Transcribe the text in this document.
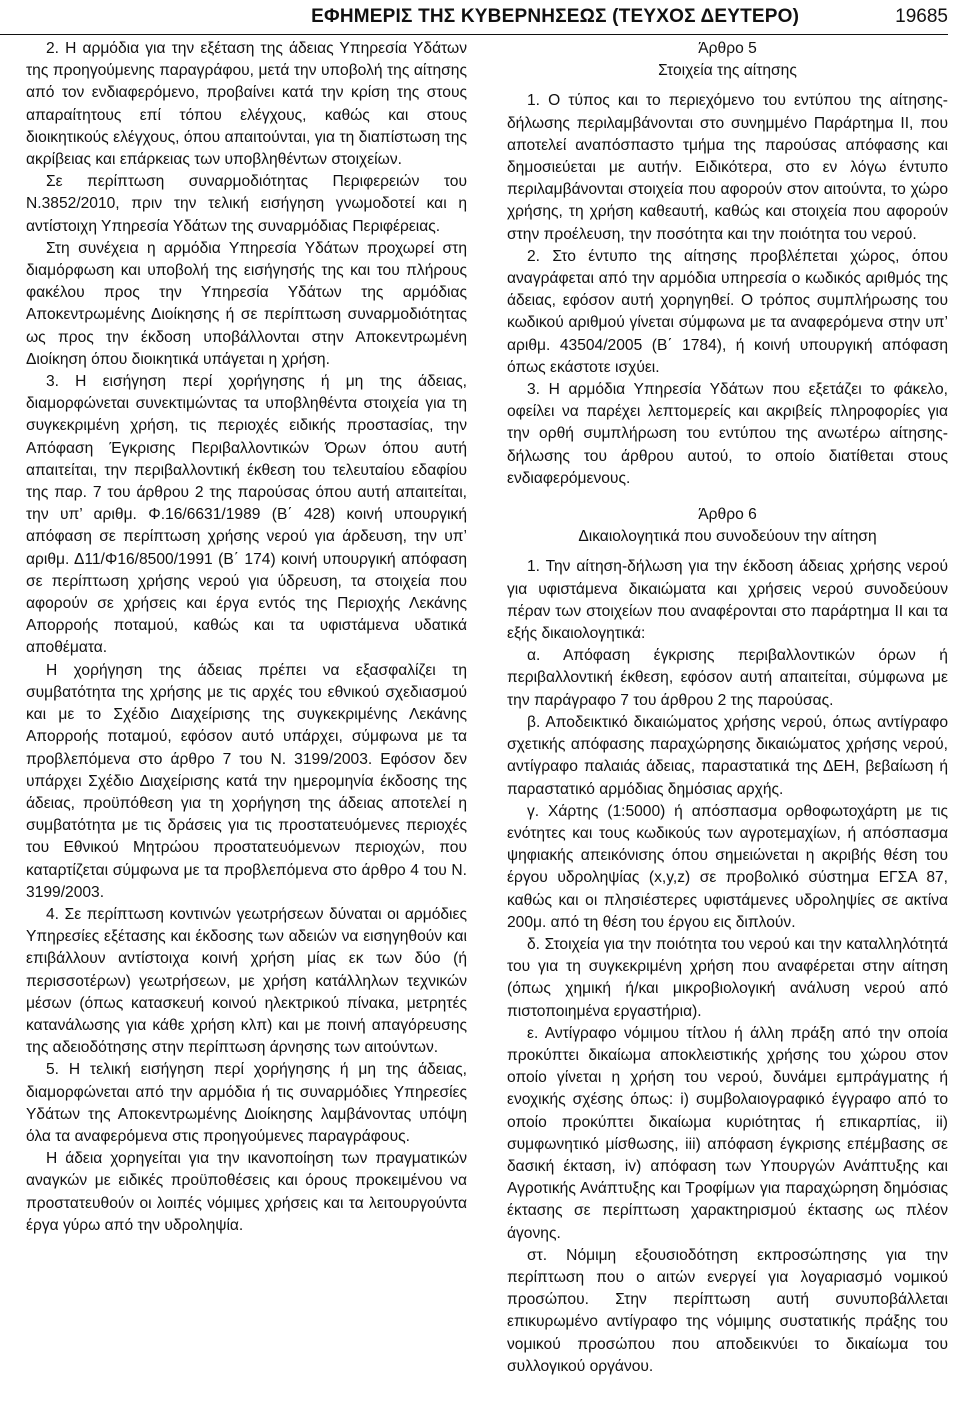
ΕΦΗΜΕΡΙΣ ΤΗΣ ΚΥΒΕΡΝΗΣΕΩΣ (ΤΕΥΧΟΣ ΔΕΥΤΕΡΟ)	19685

2. Η αρμόδια για την εξέταση της άδειας Υπηρεσία Υδάτων της προηγούμενης παραγράφου, μετά την υποβολή της αίτησης από τον ενδιαφερόμενο, προβαίνει κατά την κρίση της στους απαραίτητους επί τόπου ελέγχους, καθώς και στους διοικητικούς ελέγχους, όπου απαιτούνται, για τη διαπίστωση της ακρίβειας και επάρκειας των υποβληθέντων στοιχείων.

Σε περίπτωση συναρμοδιότητας Περιφερειών του Ν.3852/2010, πριν την τελική εισήγηση γνωμοδοτεί και η αντίστοιχη Υπηρεσία Υδάτων της συναρμόδιας Περιφέρειας.

Στη συνέχεια η αρμόδια Υπηρεσία Υδάτων προχωρεί στη διαμόρφωση και υποβολή της εισήγησής της και του πλήρους φακέλου προς την Υπηρεσία Υδάτων της αρμόδιας Αποκεντρωμένης Διοίκησης ή σε περίπτωση συναρμοδιότητας ως προς την έκδοση υποβάλλονται στην Αποκεντρωμένη Διοίκηση όπου διοικητικά υπάγεται η χρήση.

3. Η εισήγηση περί χορήγησης ή μη της άδειας, διαμορφώνεται συνεκτιμώντας τα υποβληθέντα στοιχεία για τη συγκεκριμένη χρήση, τις περιοχές ειδικής προστασίας, την Απόφαση Έγκρισης Περιβαλλοντικών Όρων όπου αυτή απαιτείται, την περιβαλλοντική έκθεση του τελευταίου εδαφίου της παρ. 7 του άρθρου 2 της παρούσας όπου αυτή απαιτείται, την υπ’ αριθμ. Φ.16/6631/1989 (Β΄ 428) κοινή υπουργική απόφαση σε περίπτωση χρήσης νερού για άρδευση, την υπ’ αριθμ. Δ11/Φ16/8500/1991 (Β΄ 174) κοινή υπουργική απόφαση σε περίπτωση χρήσης νερού για ύδρευση, τα στοιχεία που αφορούν σε χρήσεις και έργα εντός της Περιοχής Λεκάνης Απορροής ποταμού, καθώς και τα υφιστάμενα υδατικά αποθέματα.

Η χορήγηση της άδειας πρέπει να εξασφαλίζει τη συμβατότητα της χρήσης με τις αρχές του εθνικού σχεδιασμού και με το Σχέδιο Διαχείρισης της συγκεκριμένης Λεκάνης Απορροής ποταμού, εφόσον αυτό υπάρχει, σύμφωνα με τα προβλεπόμενα στο άρθρο 7 του Ν. 3199/2003. Εφόσον δεν υπάρχει Σχέδιο Διαχείρισης κατά την ημερομηνία έκδοσης της άδειας, προϋπόθεση για τη χορήγηση της άδειας αποτελεί η συμβατότητα με τις δράσεις για τις προστατευόμενες περιοχές του Εθνικού Μητρώου προστατευόμενων περιοχών, που καταρτίζεται σύμφωνα με τα προβλεπόμενα στο άρθρο 4 του Ν. 3199/2003.

4. Σε περίπτωση κοντινών γεωτρήσεων δύναται οι αρμόδιες Υπηρεσίες εξέτασης και έκδοσης των αδειών να εισηγηθούν και επιβάλλουν αντίστοιχα κοινή χρήση μίας εκ των δύο (ή περισσοτέρων) γεωτρήσεων, με χρήση κατάλληλων τεχνικών μέσων (όπως κατασκευή κοινού ηλεκτρικού πίνακα, μετρητές κατανάλωσης για κάθε χρήση κλπ) και με ποινή απαγόρευσης της αδειοδότησης στην περίπτωση άρνησης των αιτούντων.

5. Η τελική εισήγηση περί χορήγησης ή μη της άδειας, διαμορφώνεται από την αρμόδια ή τις συναρμόδιες Υπηρεσίες Υδάτων της Αποκεντρωμένης Διοίκησης λαμβάνοντας υπόψη όλα τα αναφερόμενα στις προηγούμενες παραγράφους.

Η άδεια χορηγείται για την ικανοποίηση των πραγματικών αναγκών με ειδικές προϋποθέσεις και όρους προκειμένου να προστατευθούν οι λοιπές νόμιμες χρήσεις και τα λειτουργούντα έργα γύρω από την υδροληψία.

Άρθρο 5
Στοιχεία της αίτησης

1. Ο τύπος και το περιεχόμενο του εντύπου της αίτησης-δήλωσης περιλαμβάνονται στο συνημμένο Παράρτημα ΙΙ, που αποτελεί αναπόσπαστο τμήμα της παρούσας απόφασης και δημοσιεύεται με αυτήν. Ειδικότερα, στο εν λόγω έντυπο περιλαμβάνονται στοιχεία που αφορούν στον αιτούντα, το χώρο χρήσης, τη χρήση καθεαυτή, καθώς και στοιχεία που αφορούν στην προέλευση, την ποσότητα και την ποιότητα του νερού.

2. Στο έντυπο της αίτησης προβλέπεται χώρος, όπου αναγράφεται από την αρμόδια υπηρεσία ο κωδικός αριθμός της άδειας, εφόσον αυτή χορηγηθεί. Ο τρόπος συμπλήρωσης του κωδικού αριθμού γίνεται σύμφωνα με τα αναφερόμενα στην υπ’ αριθμ. 43504/2005 (Β΄ 1784), ή κοινή υπουργική απόφαση όπως εκάστοτε ισχύει.

3. Η αρμόδια Υπηρεσία Υδάτων που εξετάζει το φάκελο, οφείλει να παρέχει λεπτομερείς και ακριβείς πληροφορίες για την ορθή συμπλήρωση του εντύπου της ανωτέρω αίτησης-δήλωσης του άρθρου αυτού, το οποίο διατίθεται στους ενδιαφερόμενους.

Άρθρο 6
Δικαιολογητικά που συνοδεύουν την αίτηση

1. Την αίτηση-δήλωση για την έκδοση άδειας χρήσης νερού για υφιστάμενα δικαιώματα και χρήσεις νερού συνοδεύουν πέραν των στοιχείων που αναφέρονται στο παράρτημα ΙΙ και τα εξής δικαιολογητικά:

α. Απόφαση έγκρισης περιβαλλοντικών όρων ή περιβαλλοντική έκθεση, εφόσον αυτή απαιτείται, σύμφωνα με την παράγραφο 7 του άρθρου 2 της παρούσας.

β. Αποδεικτικό δικαιώματος χρήσης νερού, όπως αντίγραφο σχετικής απόφασης παραχώρησης δικαιώματος χρήσης νερού, αντίγραφο παλαιάς άδειας, παραστατικά της ΔΕΗ, βεβαίωση ή παραστατικό αρμόδιας δημόσιας αρχής.

γ. Χάρτης (1:5000) ή απόσπασμα ορθοφωτοχάρτη με τις ενότητες και τους κωδικούς των αγροτεμαχίων, ή απόσπασμα ψηφιακής απεικόνισης όπου σημειώνεται η ακριβής θέση του έργου υδροληψίας (x,y,z) σε προβολικό σύστημα ΕΓΣΑ 87, καθώς και οι πλησιέστερες υφιστάμενες υδροληψίες σε ακτίνα 200μ. από τη θέση του έργου εις διπλούν.

δ. Στοιχεία για την ποιότητα του νερού και την καταλληλότητά του για τη συγκεκριμένη χρήση που αναφέρεται στην αίτηση (όπως χημική ή/και μικροβιολογική ανάλυση νερού από πιστοποιημένα εργαστήρια).

ε. Αντίγραφο νόμιμου τίτλου ή άλλη πράξη από την οποία προκύπτει δικαίωμα αποκλειστικής χρήσης του χώρου στον οποίο γίνεται η χρήση του νερού, δυνάμει εμπράγματης ή ενοχικής σχέσης όπως: i) συμβολαιογραφικό έγγραφο από το οποίο προκύπτει δικαίωμα κυριότητας ή επικαρπίας, ii) συμφωνητικό μίσθωσης, iii) απόφαση έγκρισης επέμβασης σε δασική έκταση, iv) απόφαση των Υπουργών Ανάπτυξης και Αγροτικής Ανάπτυξης και Τροφίμων για παραχώρηση δημόσιας έκτασης σε περίπτωση χαρακτηρισμού έκτασης ως πλέον άγονης.

στ. Νόμιμη εξουσιοδότηση εκπροσώπησης για την περίπτωση που ο αιτών ενεργεί για λογαριασμό νομικού προσώπου. Στην περίπτωση αυτή συνυποβάλλεται επικυρωμένο αντίγραφο της νόμιμης συστατικής πράξης του νομικού προσώπου που αποδεικνύει το δικαίωμα του συλλογικού οργάνου.
